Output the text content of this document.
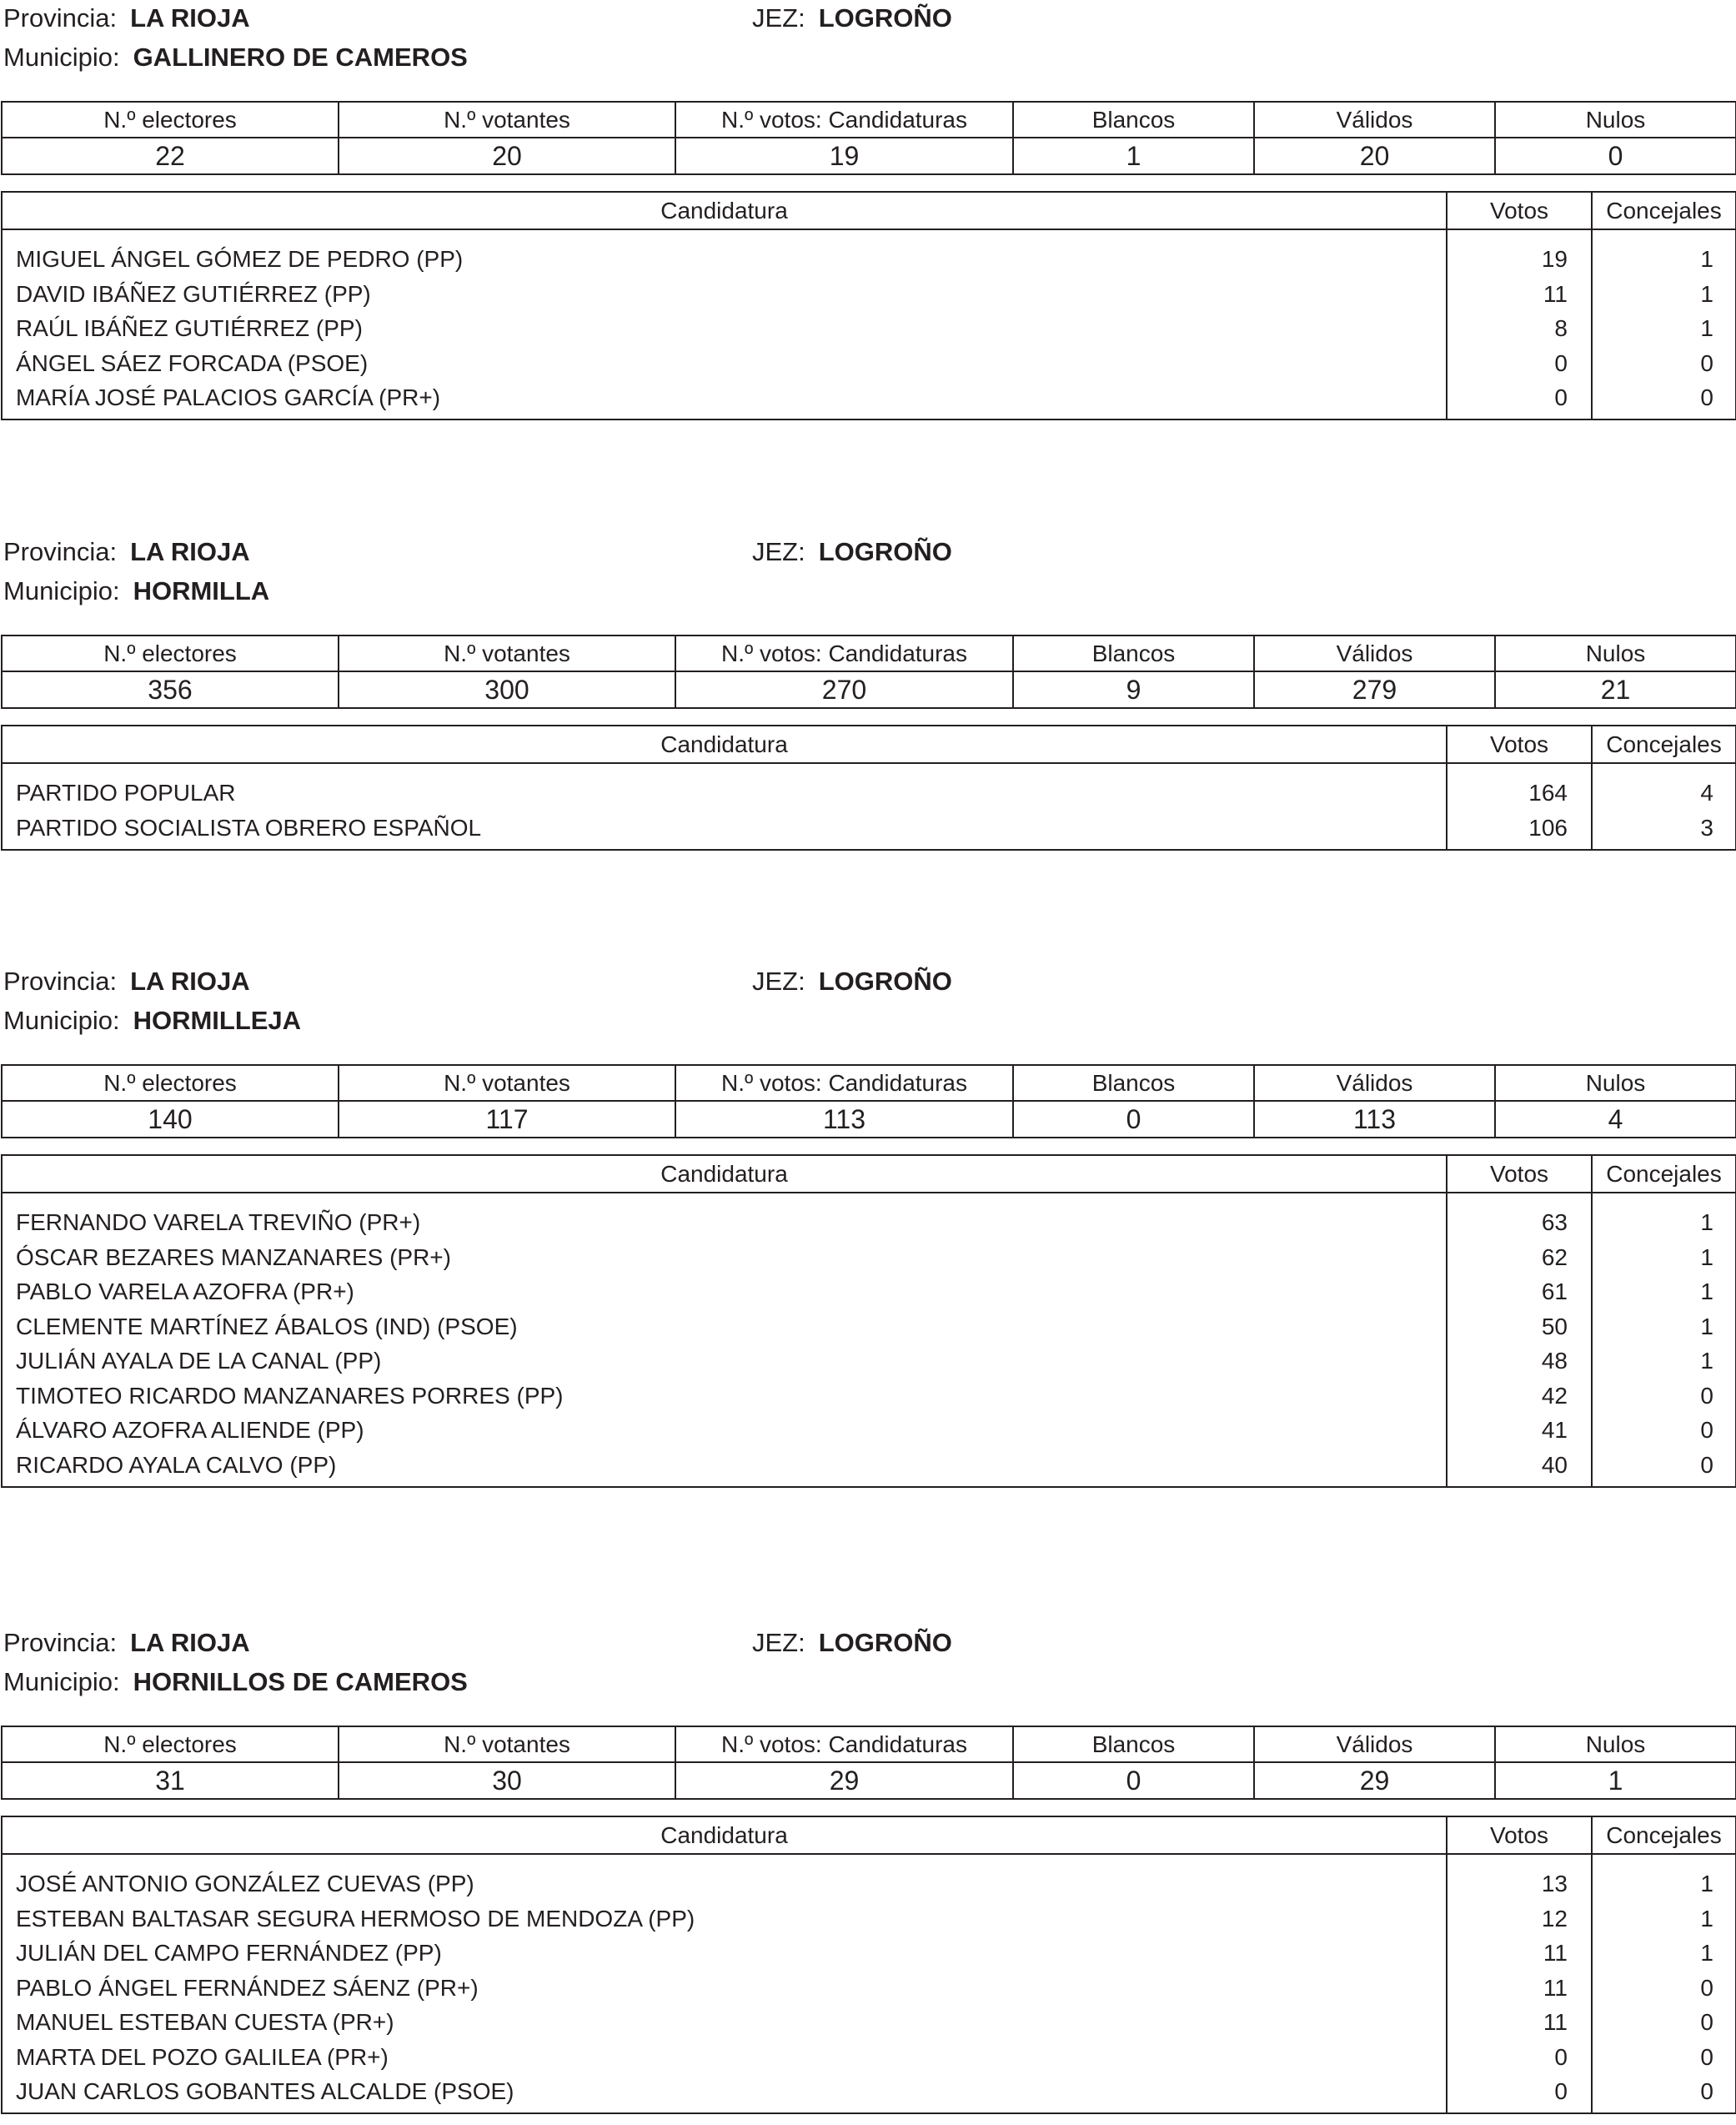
Provincia: LA RIOJA	JEZ: LOGROÑO
Municipio: GALLINERO DE CAMEROS
N.º electores	N.º votantes	N.º votos: Candidaturas	Blancos	Válidos	Nulos
22	20	19	1	20	0
Candidatura	Votos	Concejales

MIGUEL ÁNGEL GÓMEZ DE PEDRO (PP)	19	1
DAVID IBÁÑEZ GUTIÉRREZ (PP)	11	1
RAÚL IBÁÑEZ GUTIÉRREZ (PP)	8	1
ÁNGEL SÁEZ FORCADA (PSOE)	0	0
MARÍA JOSÉ PALACIOS GARCÍA (PR+)	0	0
Provincia: LA RIOJA	JEZ: LOGROÑO
Municipio: HORMILLA
N.º electores	N.º votantes	N.º votos: Candidaturas	Blancos	Válidos	Nulos
356	300	270	9	279	21
Candidatura	Votos	Concejales

PARTIDO POPULAR	164	4
PARTIDO SOCIALISTA OBRERO ESPAÑOL	106	3
Provincia: LA RIOJA	JEZ: LOGROÑO
Municipio: HORMILLEJA
N.º electores	N.º votantes	N.º votos: Candidaturas	Blancos	Válidos	Nulos
140	117	113	0	113	4
Candidatura	Votos	Concejales

FERNANDO VARELA TREVIÑO (PR+)	63	1
ÓSCAR BEZARES MANZANARES (PR+)	62	1
PABLO VARELA AZOFRA (PR+)	61	1
CLEMENTE MARTÍNEZ ÁBALOS (IND) (PSOE)	50	1
JULIÁN AYALA DE LA CANAL (PP)	48	1
TIMOTEO RICARDO MANZANARES PORRES (PP)	42	0
ÁLVARO AZOFRA ALIENDE (PP)	41	0
RICARDO AYALA CALVO (PP)	40	0
Provincia: LA RIOJA	JEZ: LOGROÑO
Municipio: HORNILLOS DE CAMEROS
N.º electores	N.º votantes	N.º votos: Candidaturas	Blancos	Válidos	Nulos
31	30	29	0	29	1
Candidatura	Votos	Concejales

JOSÉ ANTONIO GONZÁLEZ CUEVAS (PP)	13	1
ESTEBAN BALTASAR SEGURA HERMOSO DE MENDOZA (PP)	12	1
JULIÁN DEL CAMPO FERNÁNDEZ (PP)	11	1
PABLO ÁNGEL FERNÁNDEZ SÁENZ (PR+)	11	0
MANUEL ESTEBAN CUESTA (PR+)	11	0
MARTA DEL POZO GALILEA (PR+)	0	0
JUAN CARLOS GOBANTES ALCALDE (PSOE)	0	0
